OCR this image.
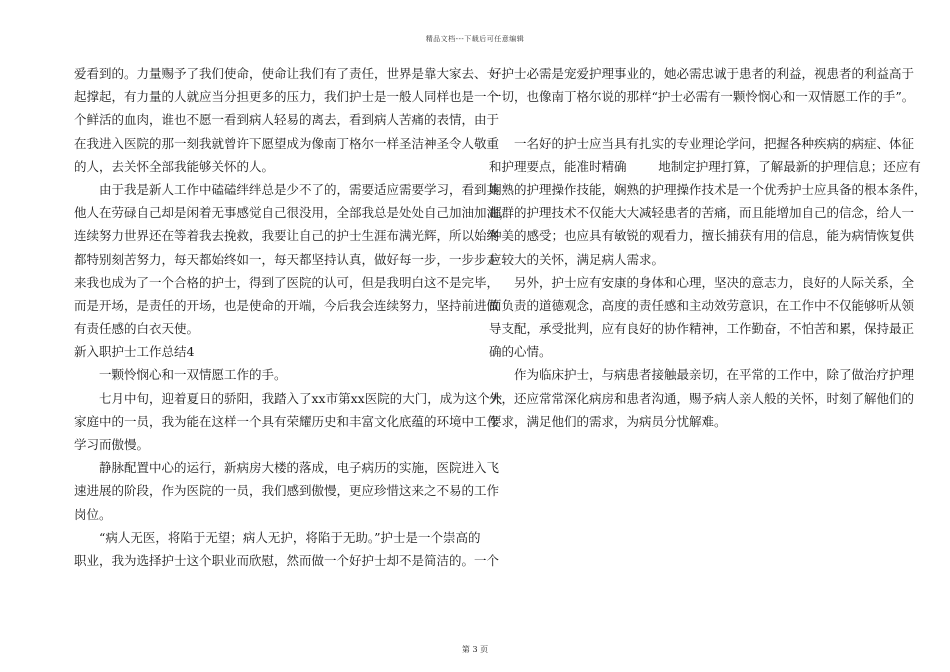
精品文档---下载后可任意编辑
爱看到的。力量赐予了我们使命，使命让我们有了责任，世界是靠大家去、一
起撑起，有力量的人就应当分担更多的压力，我们护士是一般人同样也是一个
个鲜活的血肉，谁也不愿一看到病人轻易的离去，看到病人苦痛的表情，由于
在我进入医院的那一刻我就曾许下愿望成为像南丁格尔一样圣洁神圣令人敬重
的人，去关怀全部我能够关怀的人。
由于我是新人工作中磕磕绊绊总是少不了的，需要适应需要学习，看到其
他人在劳碌自己却是闲着无事感觉自己很没用，全部我总是处处自己加油加油，
连续努力世界还在等着我去挽救，我要让自己的护士生涯布满光辉，所以始终
都特别刻苦努力，每天都始终如一，每天都坚持认真，做好每一步，一步步走
来我也成为了一个合格的护士，得到了医院的认可，但是我明白这不是完毕，
而是开场，是责任的开场，也是使命的开端，今后我会连续努力，坚持前进做
有责任感的白衣天使。
新入职护士工作总结4
一颗怜悯心和一双情愿工作的手。
七月中旬，迎着夏日的骄阳，我踏入了xx市第xx医院的大门，成为这个大
家庭中的一员，我为能在这样一个具有荣耀历史和丰富文化底蕴的环境中工作
学习而傲慢。
静脉配置中心的运行，新病房大楼的落成，电子病历的实施，医院进入飞
速进展的阶段，作为医院的一员，我们感到傲慢，更应珍惜这来之不易的工作
岗位。
“病人无医，将陷于无望；病人无护，将陷于无助。”护士是一个崇高的
职业，我为选择护士这个职业而欣慰，然而做一个好护士却不是简洁的。一个
好护士必需是宠爱护理事业的，她必需忠诚于患者的利益，视患者的利益高于
一切，也像南丁格尔说的那样“护士必需有一颗怜悯心和一双情愿工作的手”。
一名好的护士应当具有扎实的专业理论学问，把握各种疾病的病症、体征
和护理要点，能准时精确        地制定护理打算，了解最新的护理信息；还应有
娴熟的护理操作技能，娴熟的护理操作技术是一个优秀护士应具备的根本条件，
超群的护理技术不仅能大大减轻患者的苦痛，而且能增加自己的信念，给人一
种美的感受；也应具有敏锐的观看力，擅长捕获有用的信息，能为病情恢复供
应较大的关怀，满足病人需求。
另外，护士应有安康的身体和心理，坚决的意志力，良好的人际关系，全
面负责的道德观念，高度的责任感和主动效劳意识，在工作中不仅能够听从领
导支配，承受批判，应有良好的协作精神，工作勤奋，不怕苦和累，保持最正
确的心情。
作为临床护士，与病患者接触最亲切，在平常的工作中，除了做治疗护理
外，还应常常深化病房和患者沟通，赐予病人亲人般的关怀，时刻了解他们的
要求，满足他们的需求，为病员分忧解难。
第 3 页
